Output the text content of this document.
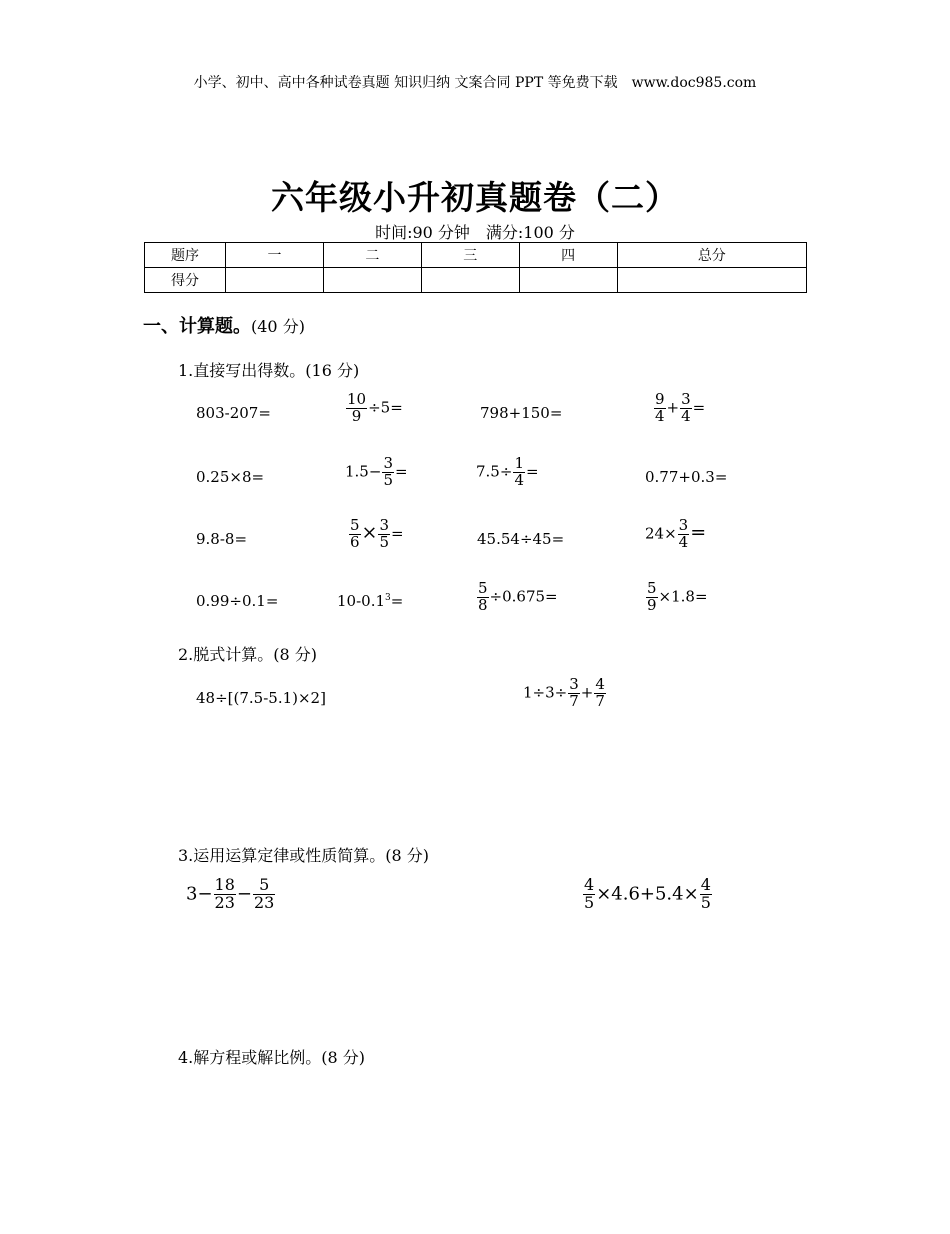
小学、初中、高中各种试卷真题 知识归纳 文案合同 PPT 等免费下载　www.doc985.com
六年级小升初真题卷（二）
时间:90 分钟　满分:100 分
题序	一	二	三	四	总分
得分					
一、计算题。(40 分)
1.直接写出得数。(16 分)
803-207=	$\frac{10}{9} \div 5=$	798+150=	$\frac{9}{4} + \frac{3}{4}$ =
0.25×8=	$1.5- \frac{3}{5}$ =	$7.5\div \frac{1}{4}$ =	0.77+0.3=
9.8-8=	$\frac{5}{6} \times \frac{3}{5}$ =	45.54÷45=	$24\times \frac{3}{4}$ =
0.99÷0.1=	$10-0.1^3=$	$\frac{5}{8} \div 0.675=$	$\frac{5}{9} \times 1.8=$
2.脱式计算。(8 分)
48÷[(7.5-5.1)×2]	$1\div 3\div \frac{3}{7} + \frac{4}{7}$
3.运用运算定律或性质简算。(8 分)
$3- \frac{18}{23} - \frac{5}{23}$	$\frac{4}{5} \times 4.6+5.4\times \frac{4}{5}$
4.解方程或解比例。(8 分)
